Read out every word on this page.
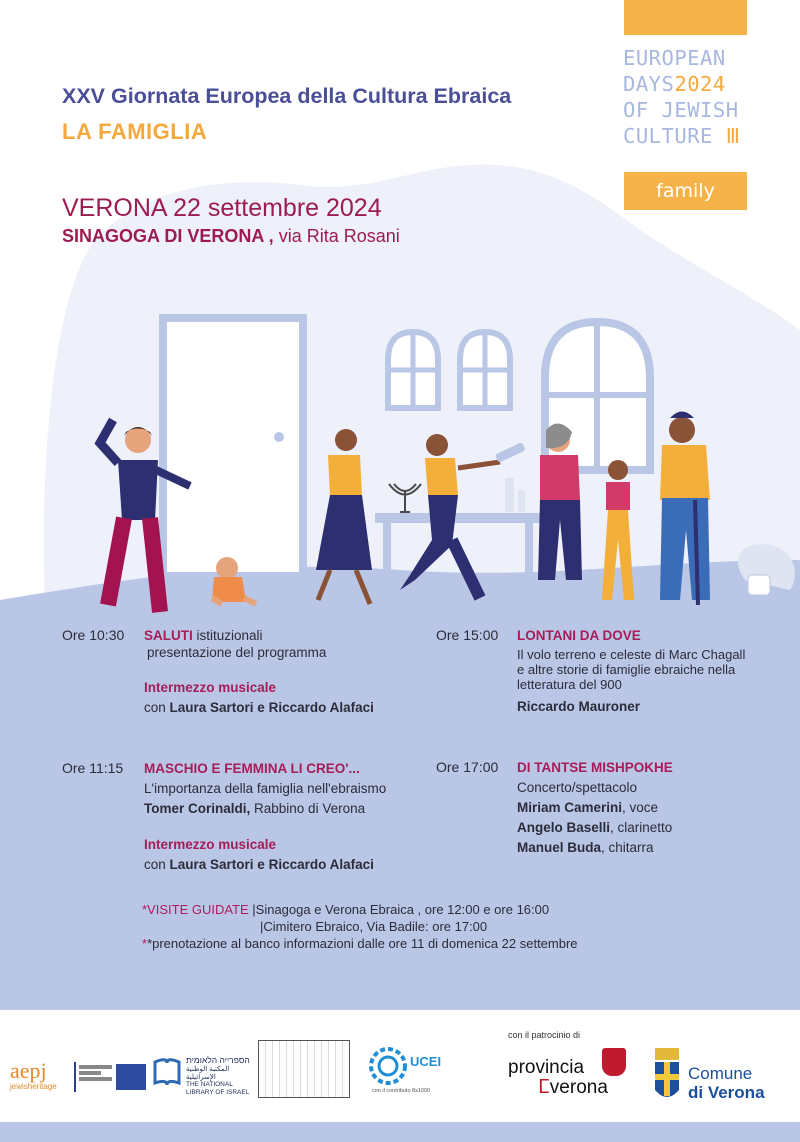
EUROPEAN
DAYS2024
OF JEWISH
CULTURE Ⅲ
family
XXV Giornata Europea della Cultura Ebraica
LA FAMIGLIA
VERONA 22 settembre 2024
SINAGOGA DI VERONA , via Rita Rosani
Ore 10:30 SALUTI istituzionali
presentazione del programma
Intermezzo musicale
con Laura Sartori e Riccardo Alafaci
Ore 11:15 MASCHIO E FEMMINA LI CREO'...
L'importanza della famiglia nell'ebraismo
Tomer Corinaldi, Rabbino di Verona
Intermezzo musicale
con Laura Sartori e Riccardo Alafaci
Ore 15:00 LONTANI DA DOVE
Il volo terreno e celeste di Marc Chagall
e altre storie di famiglie ebraiche nella
letteratura del 900
Riccardo Mauroner
Ore 17:00 DI TANTSE MISHPOKHE
Concerto/spettacolo
Miriam Camerini, voce
Angelo Baselli, clarinetto
Manuel Buda, chitarra
*VISITE GUIDATE |Sinagoga e Verona Ebraica , ore 12:00 e ore 16:00
|Cimitero Ebraico, Via Badile: ore 17:00
**prenotazione al banco informazioni dalle ore 11 di domenica 22 settembre
con il patrocinio di
aepj
jewisheritage
הספרייה הלאומית
المكتبة الوطنية الإسرائيلية
THE NATIONAL LIBRARY OF ISRAEL
UCEI
con il contributo 8x1000
provincia
ⵎverona
Comune
di Verona
